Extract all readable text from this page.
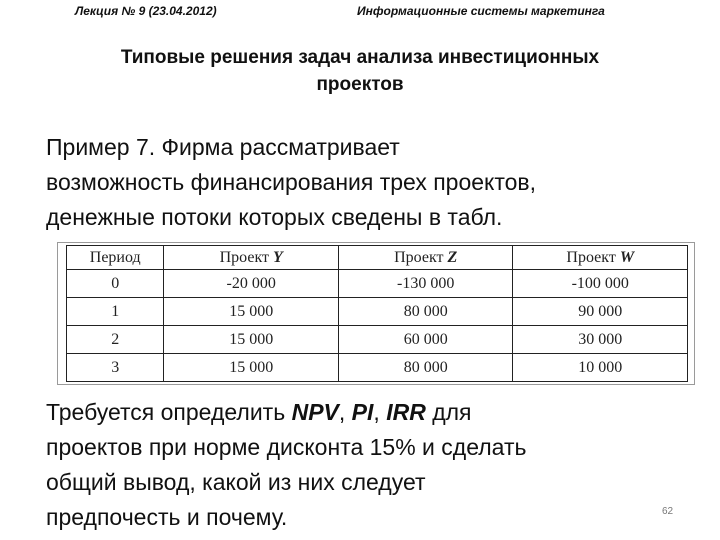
Лекция № 9 (23.04.2012)	Информационные системы маркетинга
Типовые решения задач анализа инвестиционных
проектов
Пример 7. Фирма рассматривает
возможность финансирования трех проектов,
денежные потоки которых сведены в табл.
Период	Проект Y	Проект Z	Проект W
0	-20 000	-130 000	-100 000
1	15 000	80 000	90 000
2	15 000	60 000	30 000
3	15 000	80 000	10 000
Требуется определить NPV, PI, IRR для
проектов при норме дисконта 15% и сделать
общий вывод, какой из них следует
предпочесть и почему.	62
